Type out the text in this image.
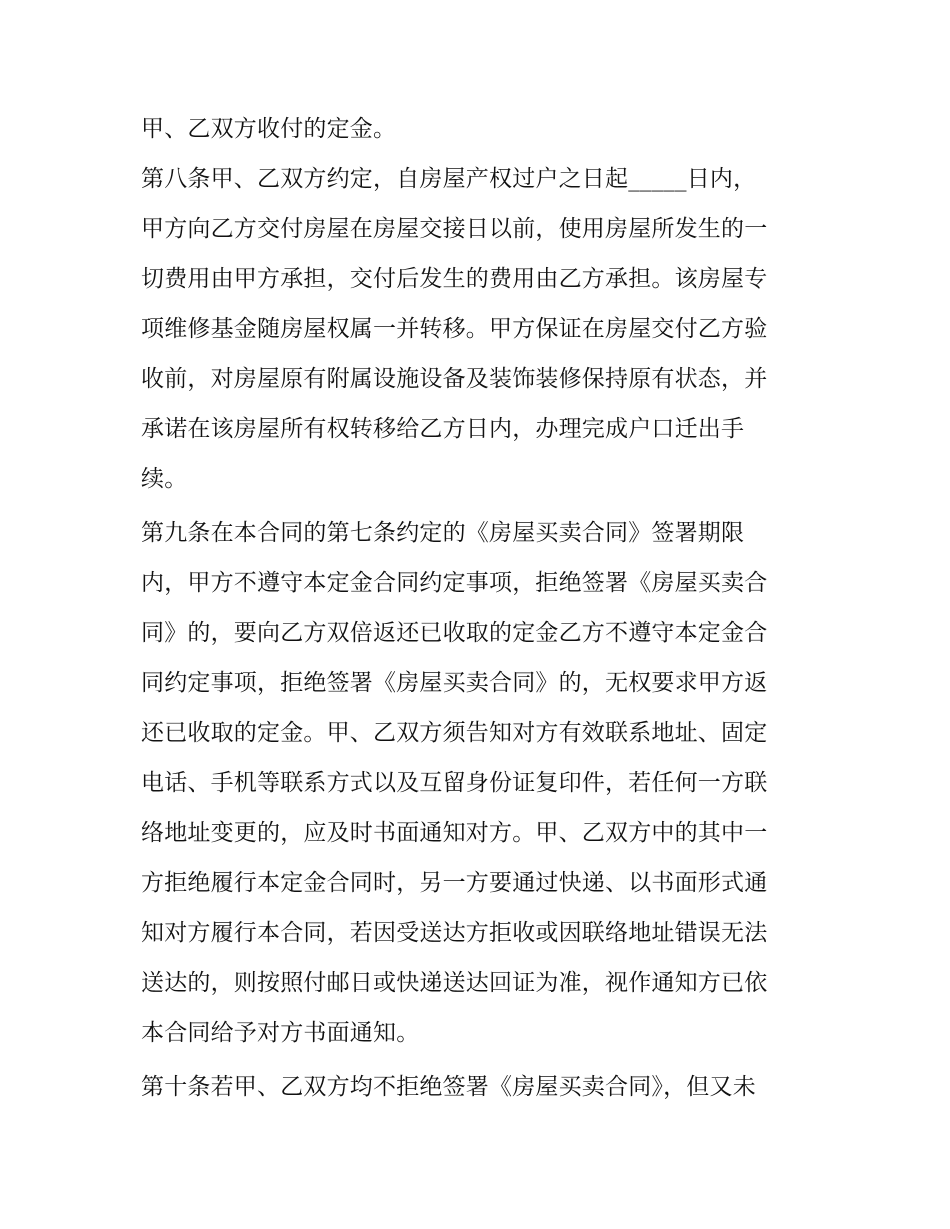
甲、乙双方收付的定金。
第八条甲、乙双方约定，自房屋产权过户之日起_____日内，
甲方向乙方交付房屋在房屋交接日以前，使用房屋所发生的一
切费用由甲方承担，交付后发生的费用由乙方承担。该房屋专
项维修基金随房屋权属一并转移。甲方保证在房屋交付乙方验
收前，对房屋原有附属设施设备及装饰装修保持原有状态，并
承诺在该房屋所有权转移给乙方日内，办理完成户口迁出手
续。
第九条在本合同的第七条约定的《房屋买卖合同》签署期限
内，甲方不遵守本定金合同约定事项，拒绝签署《房屋买卖合
同》的，要向乙方双倍返还已收取的定金乙方不遵守本定金合
同约定事项，拒绝签署《房屋买卖合同》的，无权要求甲方返
还已收取的定金。甲、乙双方须告知对方有效联系地址、固定
电话、手机等联系方式以及互留身份证复印件，若任何一方联
络地址变更的，应及时书面通知对方。甲、乙双方中的其中一
方拒绝履行本定金合同时，另一方要通过快递、以书面形式通
知对方履行本合同，若因受送达方拒收或因联络地址错误无法
送达的，则按照付邮日或快递送达回证为准，视作通知方已依
本合同给予对方书面通知。
第十条若甲、乙双方均不拒绝签署《房屋买卖合同》，但又未
